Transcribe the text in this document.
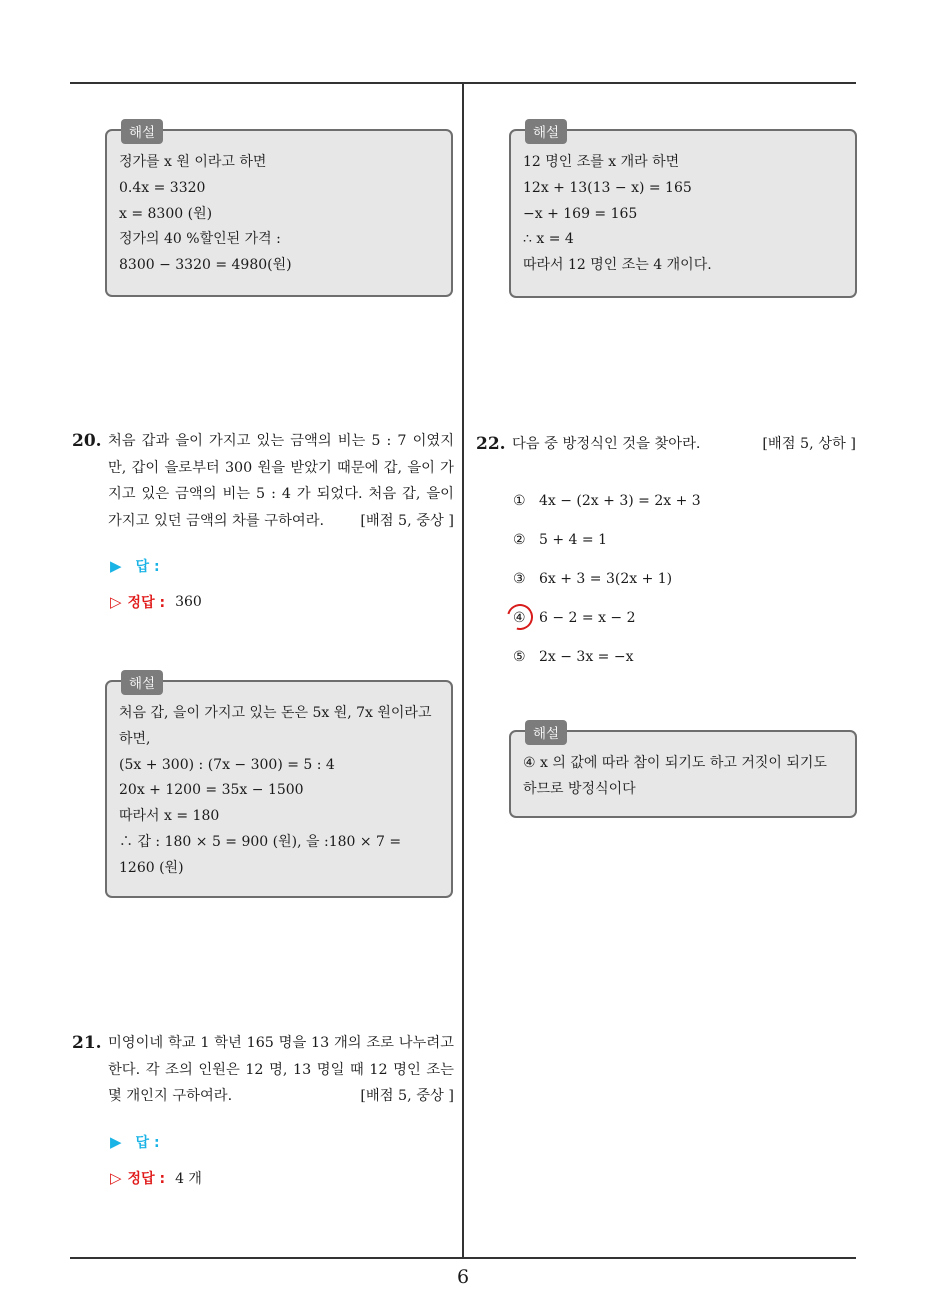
해설
정가를 x 원 이라고 하면
0.4x = 3320
x = 8300 (원)
정가의 40 %할인된 가격 :
8300 − 3320 = 4980(원)
20. 처음 갑과 을이 가지고 있는 금액의 비는 5 : 7 이였지만, 갑이 을로부터 300 원을 받았기 때문에 갑, 을이 가지고 있은 금액의 비는 5 : 4 가 되었다. 처음 갑, 을이 가지고 있던 금액의 차를 구하여라.	[배점 5, 중상 ]
▶ 답 :
▷ 정답 : 360
해설
처음 갑, 을이 가지고 있는 돈은 5x 원, 7x 원이라고 하면,
(5x + 300) : (7x − 300) = 5 : 4
20x + 1200 = 35x − 1500
따라서 x = 180
∴ 갑 : 180 × 5 = 900 (원), 을 :180 × 7 = 1260 (원)
21. 미영이네 학교 1 학년 165 명을 13 개의 조로 나누려고 한다. 각 조의 인원은 12 명, 13 명일 때 12 명인 조는 몇 개인지 구하여라.	[배점 5, 중상 ]
▶ 답 :
▷ 정답 : 4 개
해설
12 명인 조를 x 개라 하면
12x + 13(13 − x) = 165
−x + 169 = 165
∴ x = 4
따라서 12 명인 조는 4 개이다.
22. 다음 중 방정식인 것을 찾아라.	[배점 5, 상하 ]
① 4x − (2x + 3) = 2x + 3
② 5 + 4 = 1
③ 6x + 3 = 3(2x + 1)
④ 6 − 2 = x − 2
⑤ 2x − 3x = −x
해설
④ x 의 값에 따라 참이 되기도 하고 거짓이 되기도 하므로 방정식이다
6
